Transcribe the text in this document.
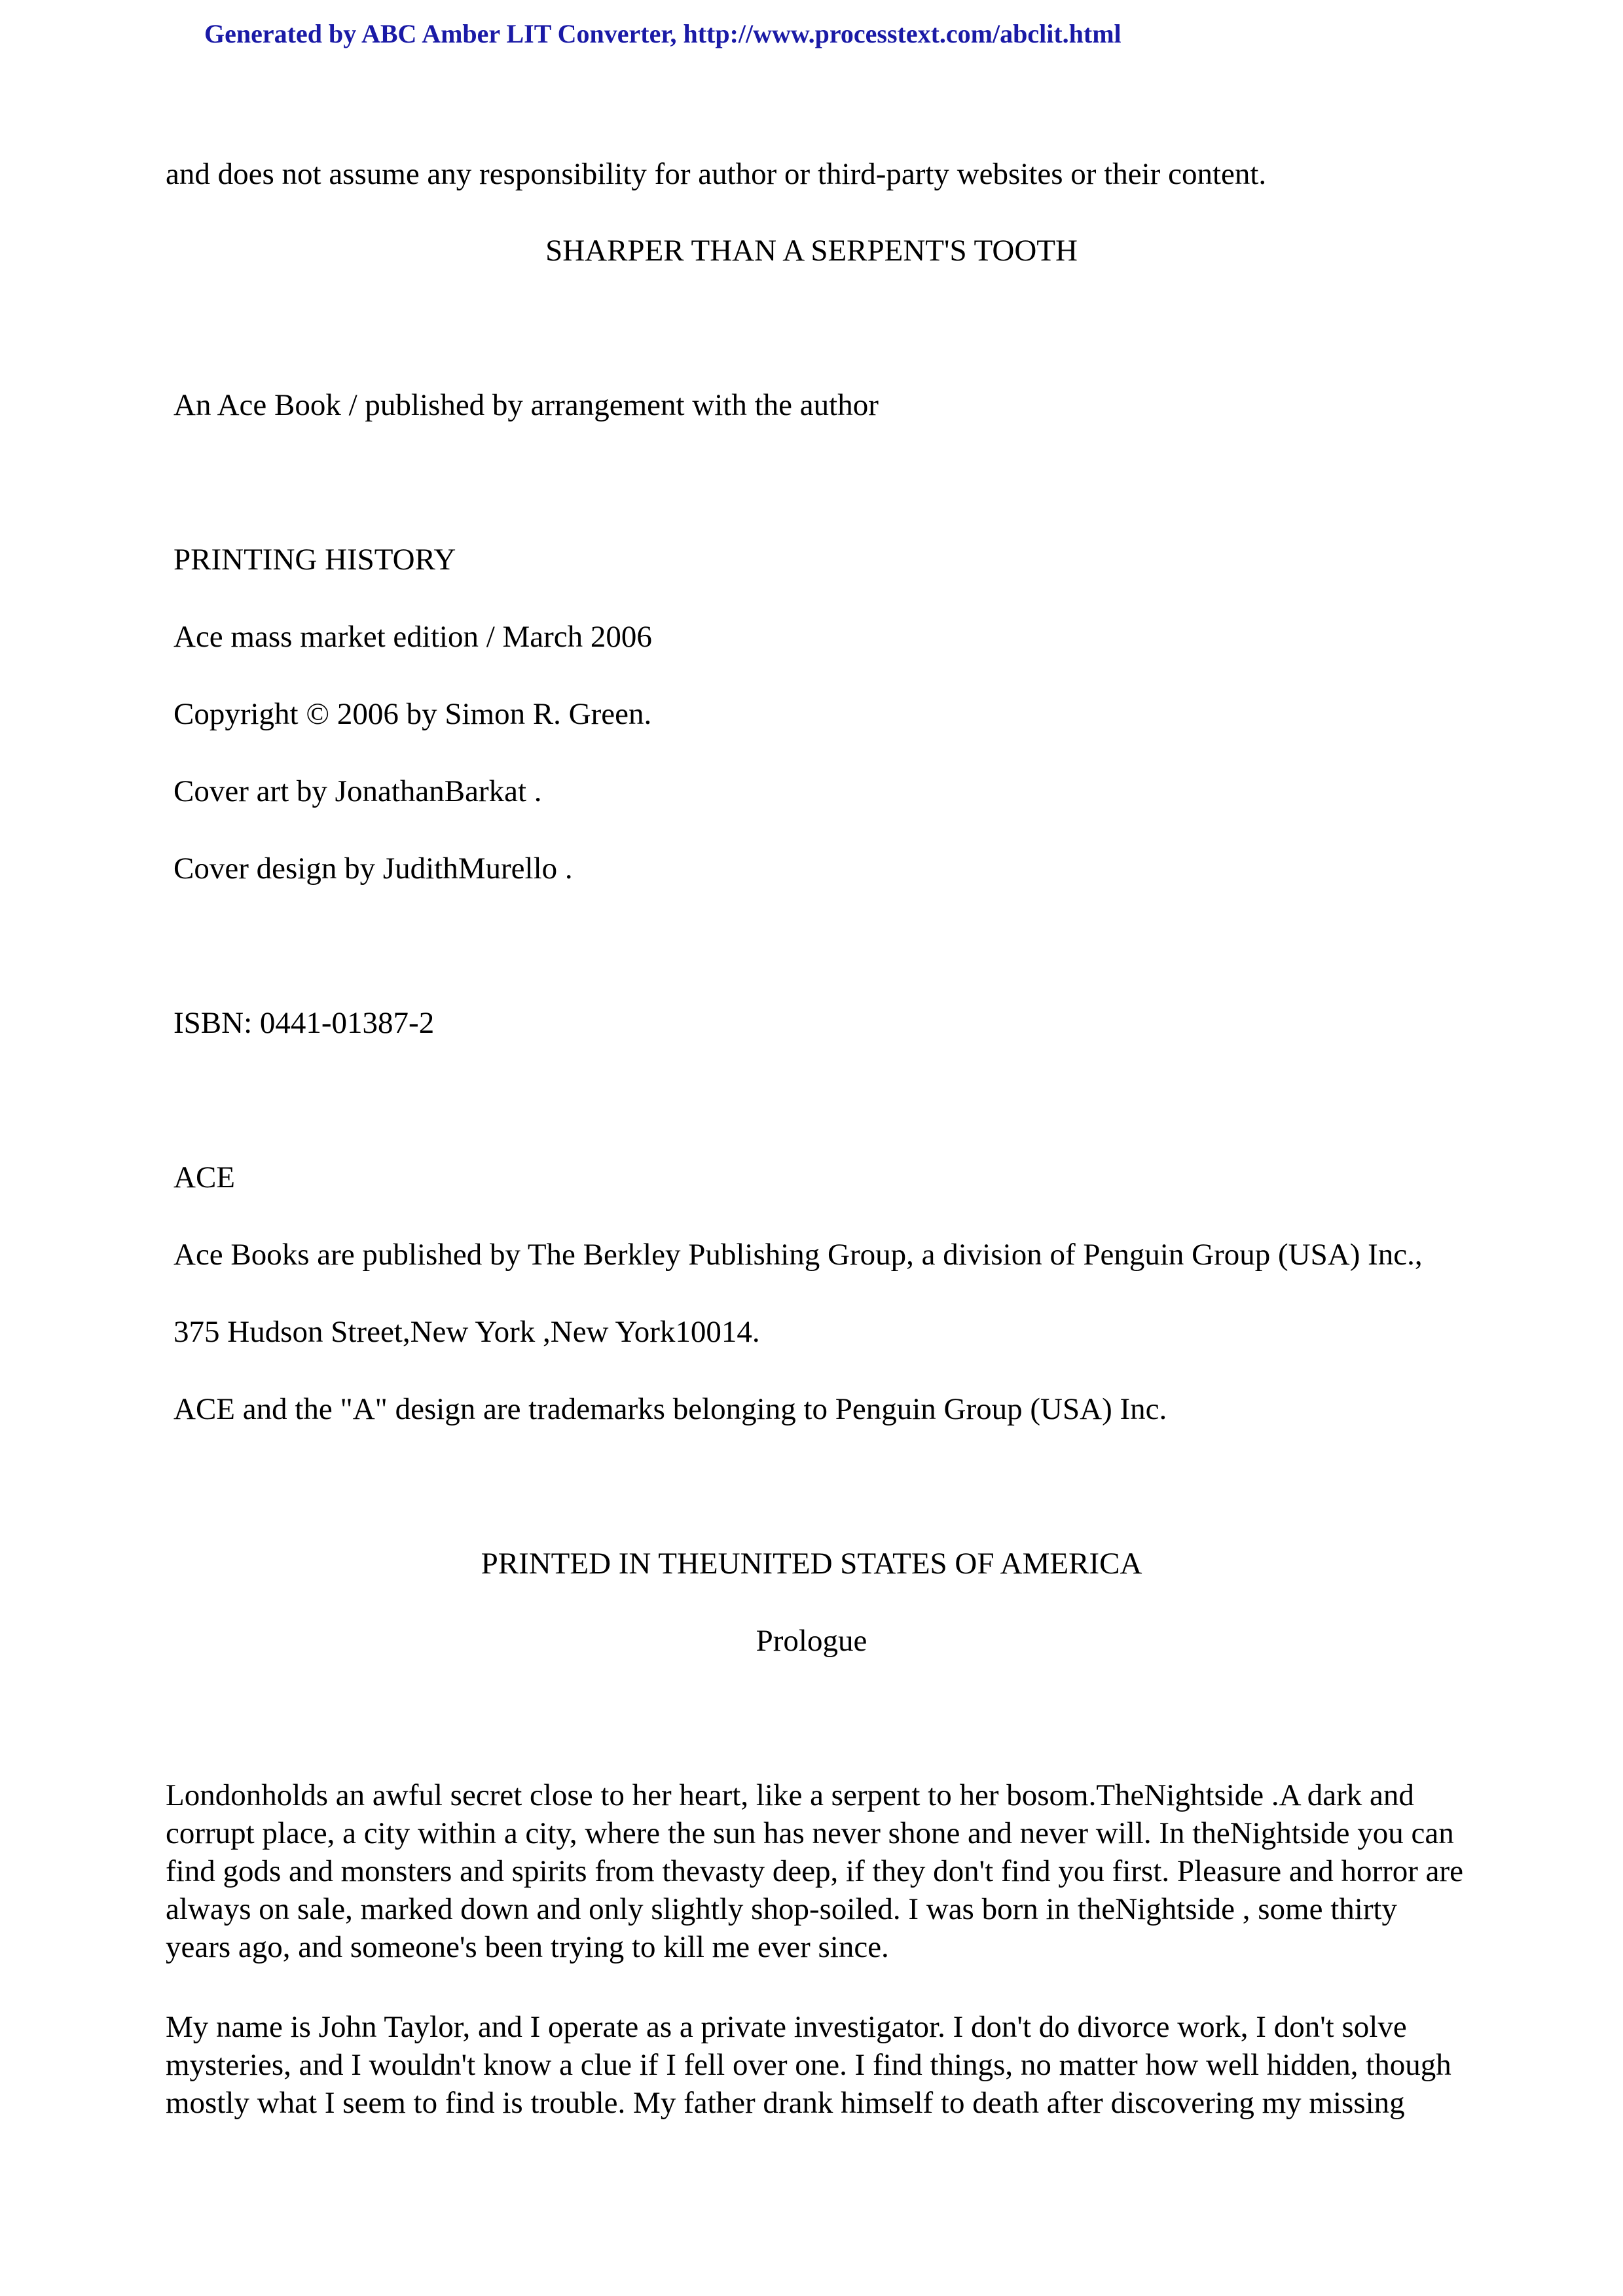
Generated by ABC Amber LIT Converter, http://www.processtext.com/abclit.html
and does not assume any responsibility for author or third-party websites or their content.
SHARPER THAN A SERPENT'S TOOTH
An Ace Book / published by arrangement with the author
PRINTING HISTORY
Ace mass market edition / March 2006
Copyright © 2006 by Simon R. Green.
Cover art by JonathanBarkat .
Cover design by JudithMurello .
ISBN: 0441-01387-2
ACE
Ace Books are published by The Berkley Publishing Group, a division of Penguin Group (USA) Inc.,
375 Hudson Street,New York ,New York10014.
ACE and the "A" design are trademarks belonging to Penguin Group (USA) Inc.
PRINTED IN THEUNITED STATES OF AMERICA
Prologue
Londonholds an awful secret close to her heart, like a serpent to her bosom.TheNightside .A dark and
corrupt place, a city within a city, where the sun has never shone and never will. In theNightside you can
find gods and monsters and spirits from thevasty deep, if they don't find you first. Pleasure and horror are
always on sale, marked down and only slightly shop-soiled. I was born in theNightside , some thirty
years ago, and someone's been trying to kill me ever since.
My name is John Taylor, and I operate as a private investigator. I don't do divorce work, I don't solve
mysteries, and I wouldn't know a clue if I fell over one. I find things, no matter how well hidden, though
mostly what I seem to find is trouble. My father drank himself to death after discovering my missing
